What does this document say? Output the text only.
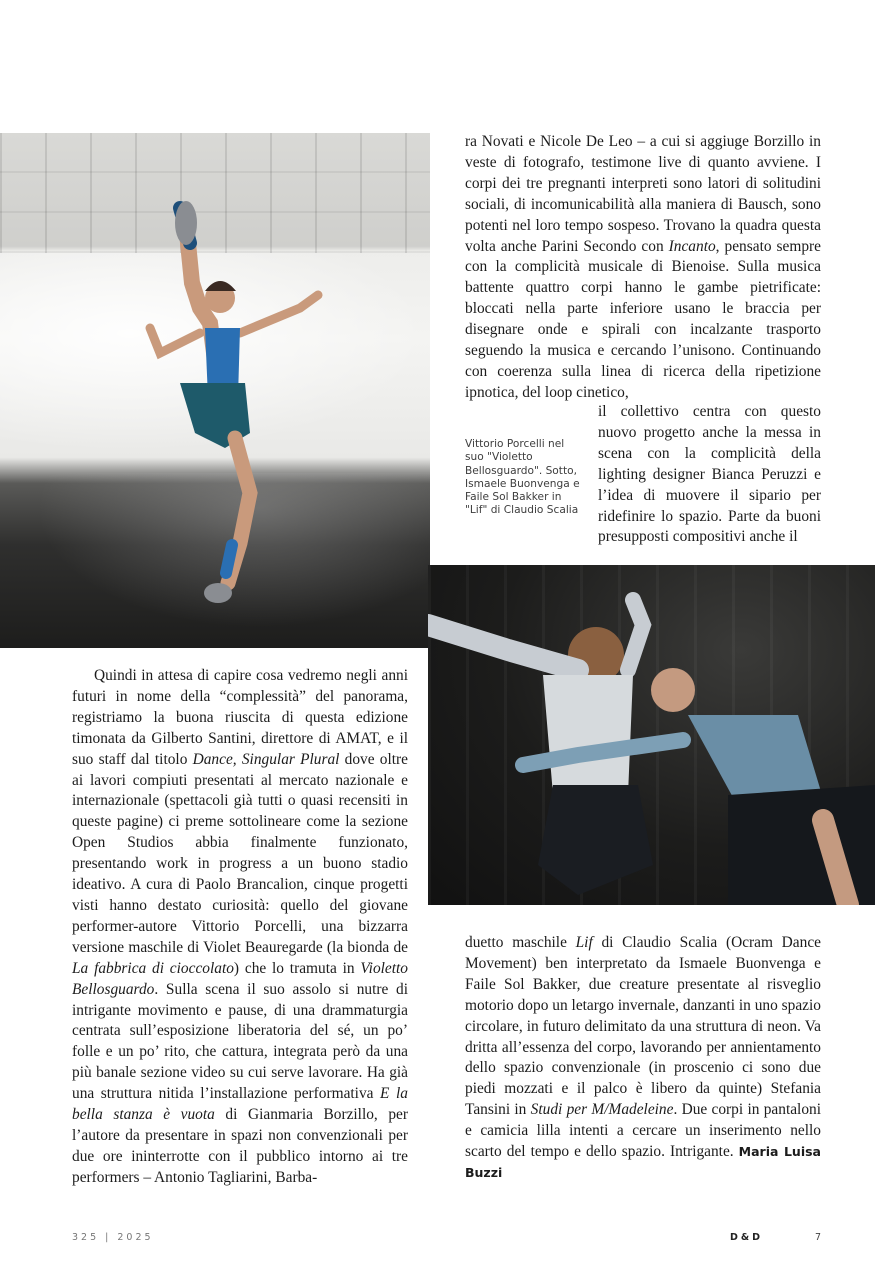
ra Novati e Nicole De Leo – a cui si aggiuge Borzillo in veste di fotografo, testimone live di quanto avviene. I corpi dei tre pregnanti interpreti sono latori di solitudini sociali, di incomunicabilità alla maniera di Bausch, sono potenti nel loro tempo sospeso. Trovano la quadra questa volta anche Parini Secondo con Incanto, pensato sempre con la complicità musicale di Bienoise. Sulla musica battente quattro corpi hanno le gambe pietrificate: bloccati nella parte inferiore usano le braccia per disegnare onde e spirali con incalzante trasporto seguendo la musica e cercando l’unisono. Continuando con coerenza sulla linea di ricerca della ripetizione ipnotica, del loop cinetico,

Vittorio Porcelli nel suo "Violetto Bellosguardo". Sotto, Ismaele Buonvenga e Faile Sol Bakker in "Lif" di Claudio Scalia

il collettivo centra con questo nuovo progetto anche la messa in scena con la complicità della lighting designer Bianca Peruzzi e l’idea di muovere il sipario per ridefinire lo spazio. Parte da buoni presupposti compositivi anche il

Quindi in attesa di capire cosa vedremo negli anni futuri in nome della “complessità” del panorama, registriamo la buona riuscita di questa edizione timonata da Gilberto Santini, direttore di AMAT, e il suo staff dal titolo Dance, Singular Plural dove oltre ai lavori compiuti presentati al mercato nazionale e internazionale (spettacoli già tutti o quasi recensiti in queste pagine) ci preme sottolineare come la sezione Open Studios abbia finalmente funzionato, presentando work in progress a un buono stadio ideativo. A cura di Paolo Brancalion, cinque progetti visti hanno destato curiosità: quello del giovane performer-autore Vittorio Porcelli, una bizzarra versione maschile di Violet Beauregarde (la bionda de La fabbrica di cioccolato) che lo tramuta in Violetto Bellosguardo. Sulla scena il suo assolo si nutre di intrigante movimento e pause, di una drammaturgia centrata sull’esposizione liberatoria del sé, un po’ folle e un po’ rito, che cattura, integrata però da una più banale sezione video su cui serve lavorare. Ha già una struttura nitida l’installazione performativa E la bella stanza è vuota di Gianmaria Borzillo, per l’autore da presentare in spazi non convenzionali per due ore ininterrotte con il pubblico intorno ai tre performers – Antonio Tagliarini, Barba-
duetto maschile Lif di Claudio Scalia (Ocram Dance Movement) ben interpretato da Ismaele Buonvenga e Faile Sol Bakker, due creature presentate al risveglio motorio dopo un letargo invernale, danzanti in uno spazio circolare, in futuro delimitato da una struttura di neon. Va dritta all’essenza del corpo, lavorando per annientamento dello spazio convenzionale (in proscenio ci sono due piedi mozzati e il palco è libero da quinte) Stefania Tansini in Studi per M/Madeleine. Due corpi in pantaloni e camicia lilla intenti a cercare un inserimento nello scarto del tempo e dello spazio. Intrigante. Maria Luisa Buzzi
325 | 2025	D&D	7
